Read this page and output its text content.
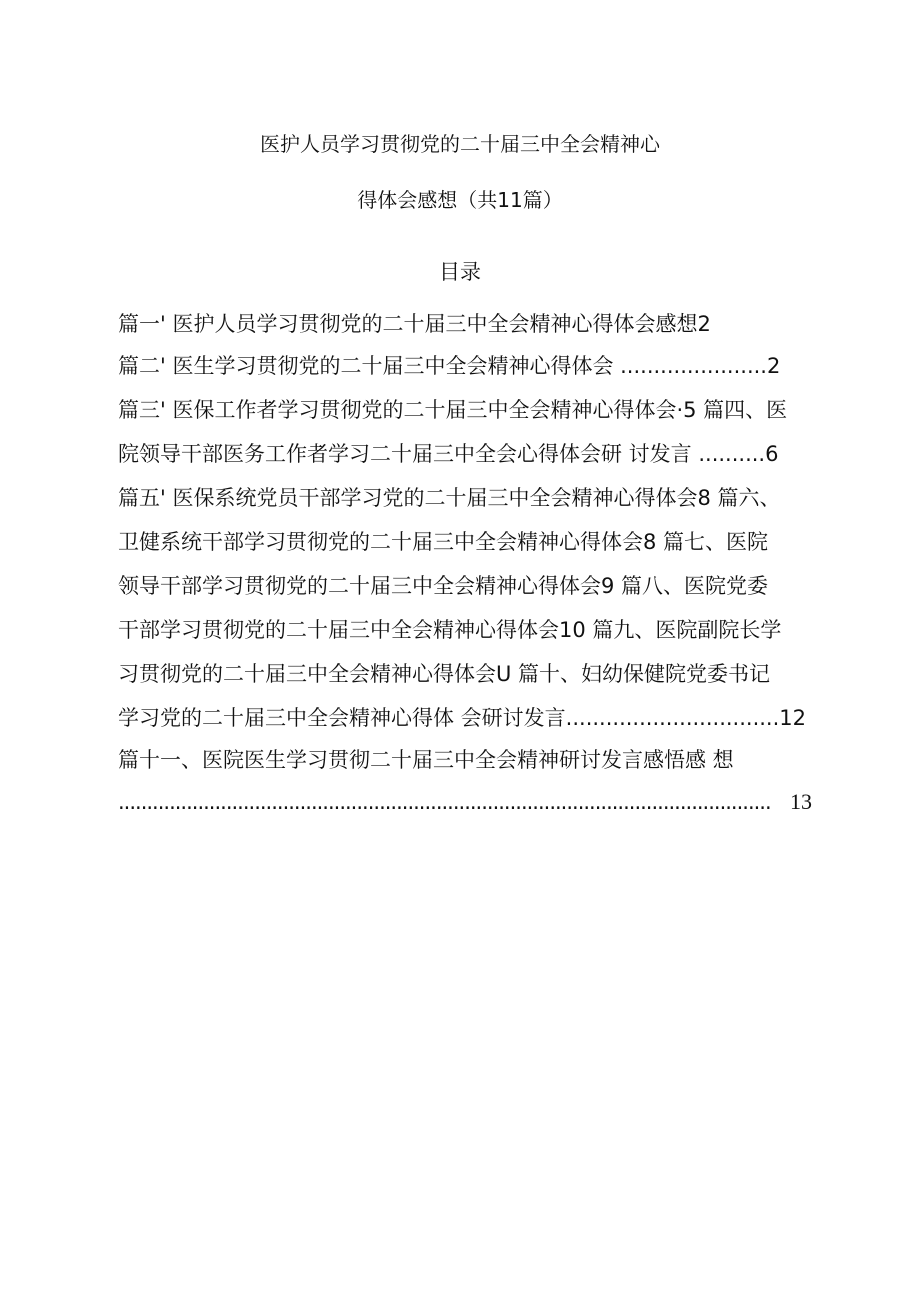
医护人员学习贯彻党的二十届三中全会精神心
得体会感想（共11篇）
目录
篇一' 医护人员学习贯彻党的二十届三中全会精神心得体会感想2
篇二' 医生学习贯彻党的二十届三中全会精神心得体会 ......................2
篇三' 医保工作者学习贯彻党的二十届三中全会精神心得体会·5 篇四、医
院领导干部医务工作者学习二十届三中全会心得体会研 讨发言 ..........6
篇五' 医保系统党员干部学习党的二十届三中全会精神心得体会8 篇六、
卫健系统干部学习贯彻党的二十届三中全会精神心得体会8 篇七、医院
领导干部学习贯彻党的二十届三中全会精神心得体会9 篇八、医院党委
干部学习贯彻党的二十届三中全会精神心得体会10 篇九、医院副院长学
习贯彻党的二十届三中全会精神心得体会U 篇十、妇幼保健院党委书记
学习党的二十届三中全会精神心得体 会研讨发言................................12
篇十一、医院医生学习贯彻二十届三中全会精神研讨发言感悟感 想
................................................................................................................... 13
